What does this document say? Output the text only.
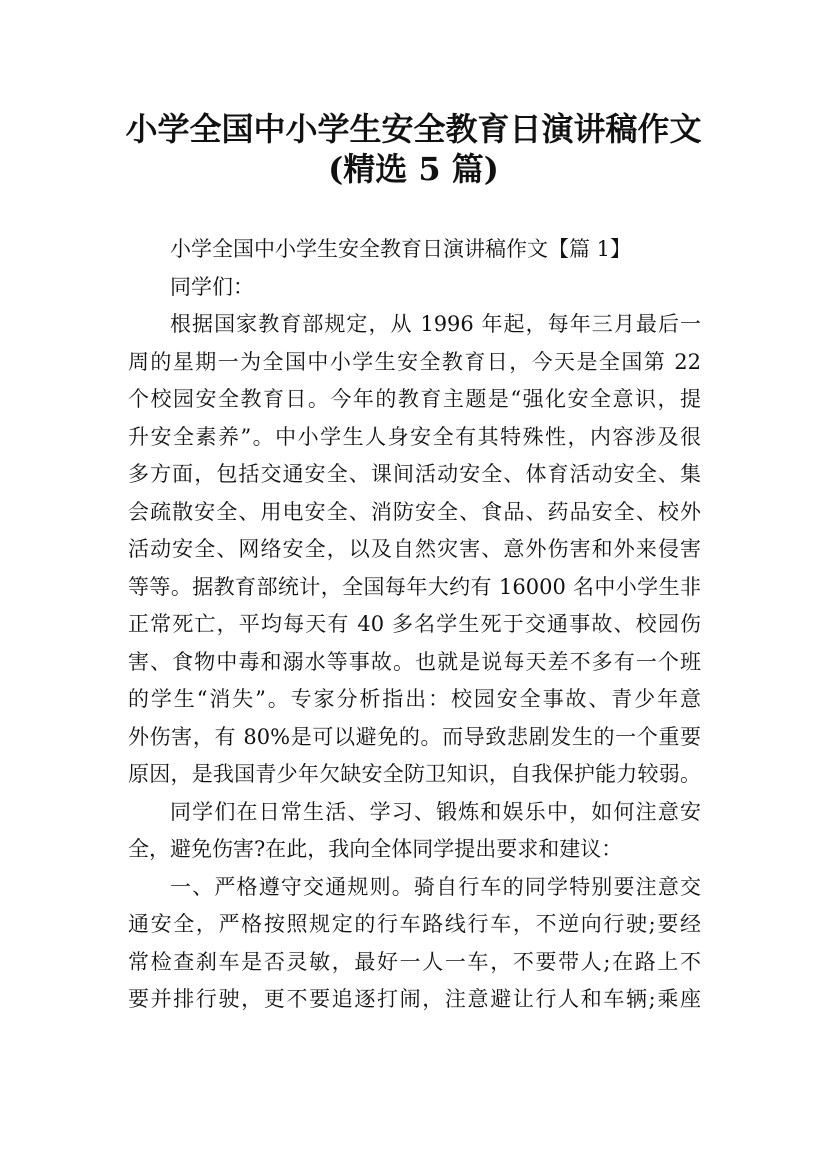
小学全国中小学生安全教育日演讲稿作文
(精选 5 篇)
小学全国中小学生安全教育日演讲稿作文【篇 1】
同学们：
根据国家教育部规定，从 1996 年起，每年三月最后一
周的星期一为全国中小学生安全教育日，今天是全国第 22
个校园安全教育日。今年的教育主题是“强化安全意识，提
升安全素养”。中小学生人身安全有其特殊性，内容涉及很
多方面，包括交通安全、课间活动安全、体育活动安全、集
会疏散安全、用电安全、消防安全、食品、药品安全、校外
活动安全、网络安全，以及自然灾害、意外伤害和外来侵害
等等。据教育部统计，全国每年大约有 16000 名中小学生非
正常死亡，平均每天有 40 多名学生死于交通事故、校园伤
害、食物中毒和溺水等事故。也就是说每天差不多有一个班
的学生“消失”。专家分析指出：校园安全事故、青少年意
外伤害，有 80%是可以避免的。而导致悲剧发生的一个重要
原因，是我国青少年欠缺安全防卫知识，自我保护能力较弱。
同学们在日常生活、学习、锻炼和娱乐中，如何注意安
全，避免伤害?在此，我向全体同学提出要求和建议：
一、严格遵守交通规则。骑自行车的同学特别要注意交
通安全，严格按照规定的行车路线行车，不逆向行驶;要经
常检查刹车是否灵敏，最好一人一车，不要带人;在路上不
要并排行驶，更不要追逐打闹，注意避让行人和车辆;乘座
